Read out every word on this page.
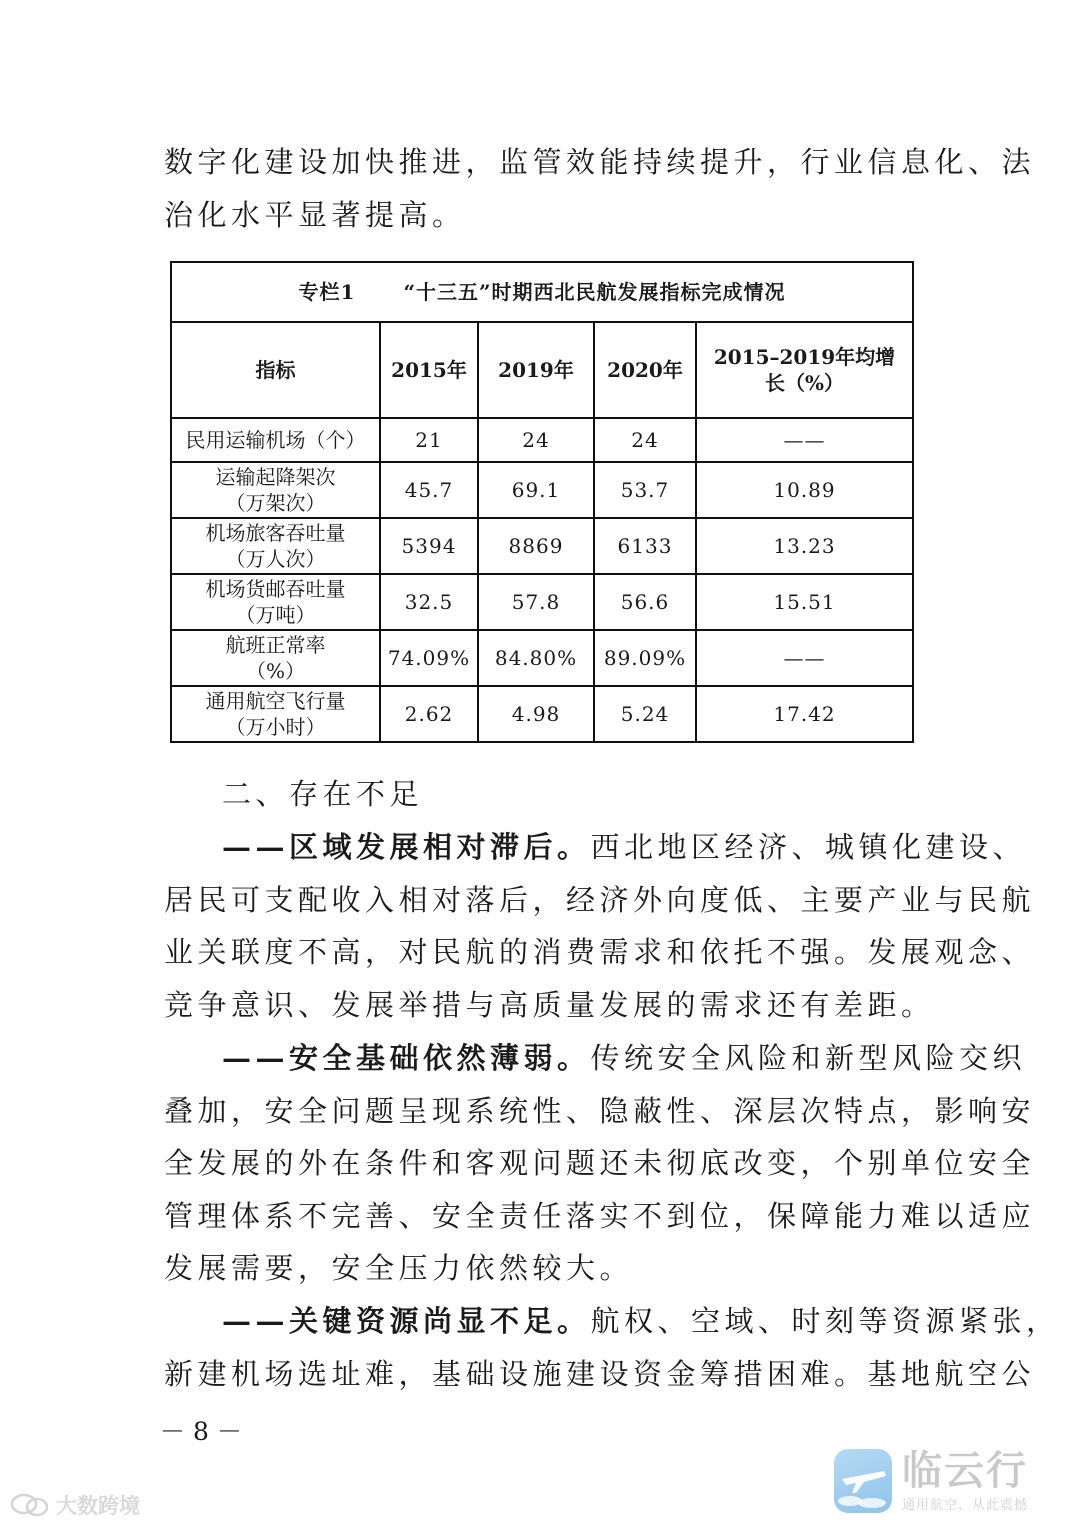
数字化建设加快推进，监管效能持续提升，行业信息化、法
治化水平显著提高。
专栏1 “十三五”时期西北民航发展指标完成情况				
指标	2015年	2019年	2020年	2015–2019年均增长（%）
民用运输机场（个）	21	24	24	——

运输起降架次
（万架次）	45.7	69.1	53.7	10.89

机场旅客吞吐量
（万人次）	5394	8869	6133	13.23

机场货邮吞吐量
（万吨）	32.5	57.8	56.6	15.51

航班正常率
（%）	74.09%	84.80%	89.09%	——

通用航空飞行量
（万小时）	2.62	4.98	5.24	17.42
二、存在不足
——区域发展相对滞后。西北地区经济、城镇化建设、
居民可支配收入相对落后，经济外向度低、主要产业与民航
业关联度不高，对民航的消费需求和依托不强。发展观念、
竞争意识、发展举措与高质量发展的需求还有差距。
——安全基础依然薄弱。传统安全风险和新型风险交织
叠加，安全问题呈现系统性、隐蔽性、深层次特点，影响安
全发展的外在条件和客观问题还未彻底改变，个别单位安全
管理体系不完善、安全责任落实不到位，保障能力难以适应
发展需要，安全压力依然较大。
——关键资源尚显不足。航权、空域、时刻等资源紧张，
新建机场选址难，基础设施建设资金筹措困难。基地航空公
－8－
大数跨境
临云行
通用航空，从此震撼
